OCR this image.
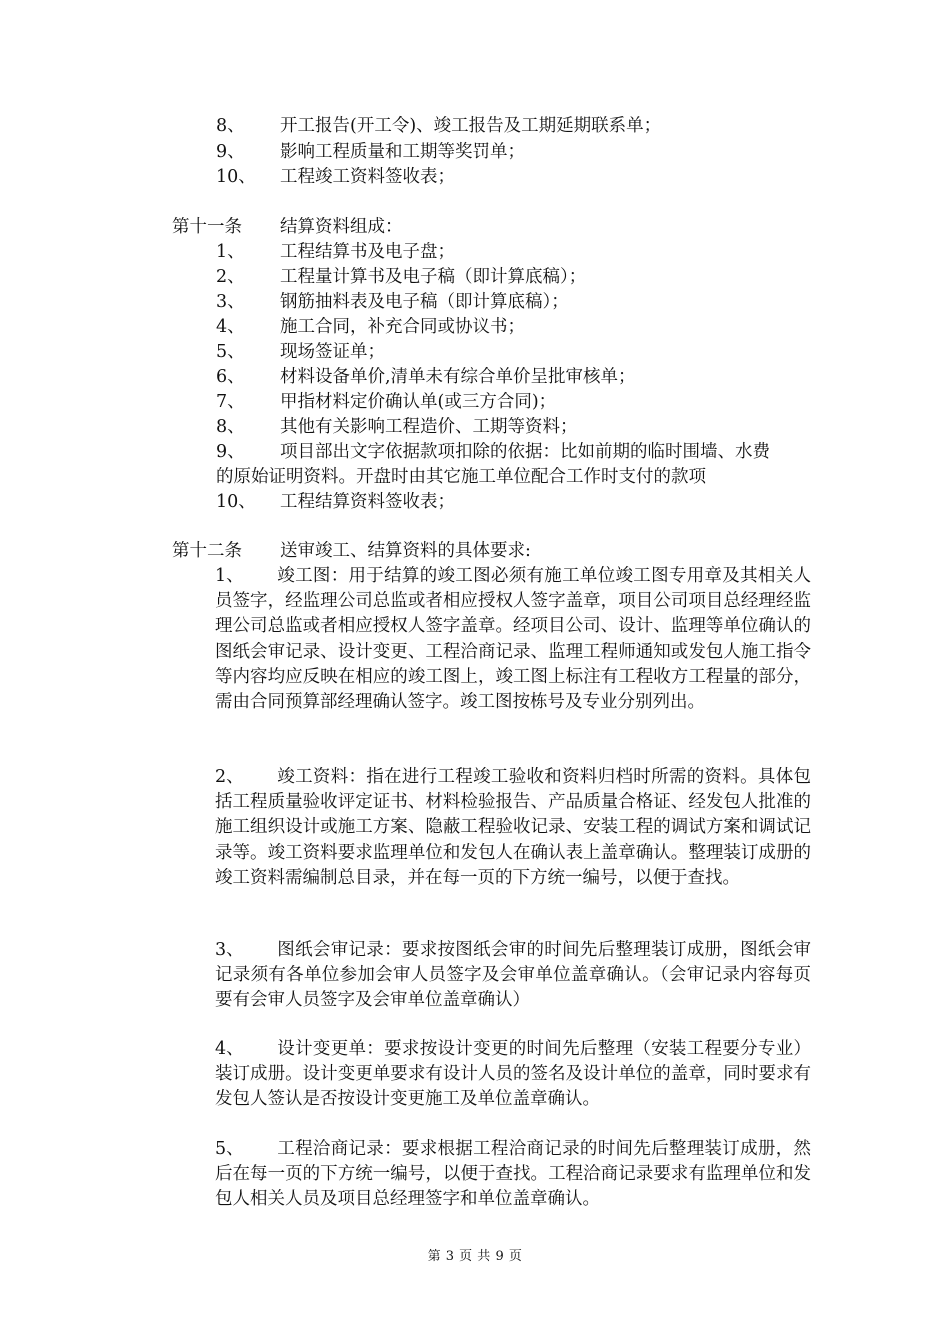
8、 开工报告(开工令)、竣工报告及工期延期联系单；
9、 影响工程质量和工期等奖罚单；
10、 工程竣工资料签收表；
第十一条 结算资料组成：
1、 工程结算书及电子盘；
2、 工程量计算书及电子稿（即计算底稿）；
3、 钢筋抽料表及电子稿（即计算底稿）；
4、 施工合同，补充合同或协议书；
5、 现场签证单；
6、 材料设备单价,清单未有综合单价呈批审核单；
7、 甲指材料定价确认单(或三方合同)；
8、 其他有关影响工程造价、工期等资料；
9、 项目部出文字依据款项扣除的依据：比如前期的临时围墙、水费
的原始证明资料。开盘时由其它施工单位配合工作时支付的款项
10、 工程结算资料签收表；
第十二条 送审竣工、结算资料的具体要求:
1、 竣工图：用于结算的竣工图必须有施工单位竣工图专用章及其相关人员签字，经监理公司总监或者相应授权人签字盖章，项目公司项目总经理经监理公司总监或者相应授权人签字盖章。经项目公司、设计、监理等单位确认的图纸会审记录、设计变更、工程洽商记录、监理工程师通知或发包人施工指令等内容均应反映在相应的竣工图上，竣工图上标注有工程收方工程量的部分，需由合同预算部经理确认签字。竣工图按栋号及专业分别列出。
2、 竣工资料：指在进行工程竣工验收和资料归档时所需的资料。具体包括工程质量验收评定证书、材料检验报告、产品质量合格证、经发包人批准的施工组织设计或施工方案、隐蔽工程验收记录、安装工程的调试方案和调试记录等。竣工资料要求监理单位和发包人在确认表上盖章确认。整理装订成册的竣工资料需编制总目录，并在每一页的下方统一编号，以便于查找。
3、 图纸会审记录：要求按图纸会审的时间先后整理装订成册，图纸会审记录须有各单位参加会审人员签字及会审单位盖章确认。（会审记录内容每页要有会审人员签字及会审单位盖章确认）
4、 设计变更单：要求按设计变更的时间先后整理（安装工程要分专业）装订成册。设计变更单要求有设计人员的签名及设计单位的盖章，同时要求有发包人签认是否按设计变更施工及单位盖章确认。
5、 工程洽商记录：要求根据工程洽商记录的时间先后整理装订成册，然后在每一页的下方统一编号，以便于查找。工程洽商记录要求有监理单位和发包人相关人员及项目总经理签字和单位盖章确认。
第 3 页 共 9 页
